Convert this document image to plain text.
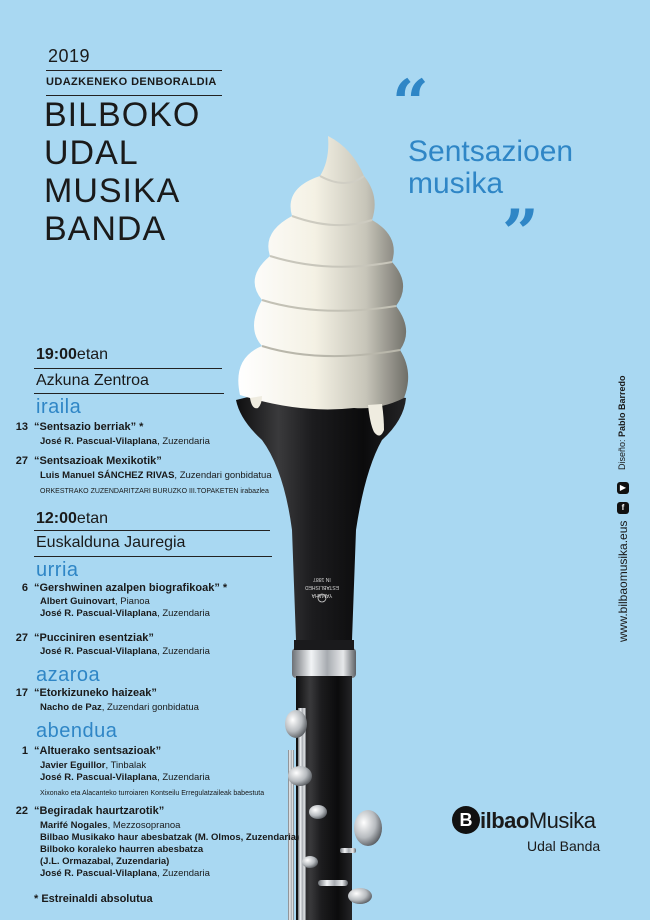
YAMAHA
ESTABLISHED
IN 1887
2019
UDAZKENEKO DENBORALDIA
BILBOKO
UDAL
MUSIKA
BANDA
“
Sentsazioen
musika
”
19:00etan
Azkuna Zentroa
iraila
13 “Sentsazio berriak” *
José R. Pascual-Vilaplana, Zuzendaria
27 “Sentsazioak Mexikotik”
Luis Manuel SÁNCHEZ RIVAS, Zuzendari gonbidatua
ORKESTRAKO ZUZENDARITZARI BURUZKO III.TOPAKETEN irabazlea
12:00etan
Euskalduna Jauregia
urria
6 “Gershwinen azalpen biografikoak” *
Albert Guinovart, Pianoa
José R. Pascual-Vilaplana, Zuzendaria
27 “Pucciniren esentziak”
José R. Pascual-Vilaplana, Zuzendaria
azaroa
17 “Etorkizuneko haizeak”
Nacho de Paz, Zuzendari gonbidatua
abendua
1 “Altuerako sentsazioak”
Javier Eguillor, Tinbalak
José R. Pascual-Vilaplana, Zuzendaria
Xixonako eta Alacanteko turroiaren Kontseilu Erregulatzaileak babestuta
22 “Begiradak haurtzarotik”
Marifé Nogales, Mezzosopranoa
Bilbao Musikako haur abesbatzak (M. Olmos, Zuzendaria)
Bilboko koraleko haurren abesbatza
(J.L. Ormazabal, Zuzendaria)
José R. Pascual-Vilaplana, Zuzendaria
* Estreinaldi absolutua
Diseño: Pablo Barredo
▶
f
www.bilbaomusika.eus
B ilbaoMusika
Udal Banda
